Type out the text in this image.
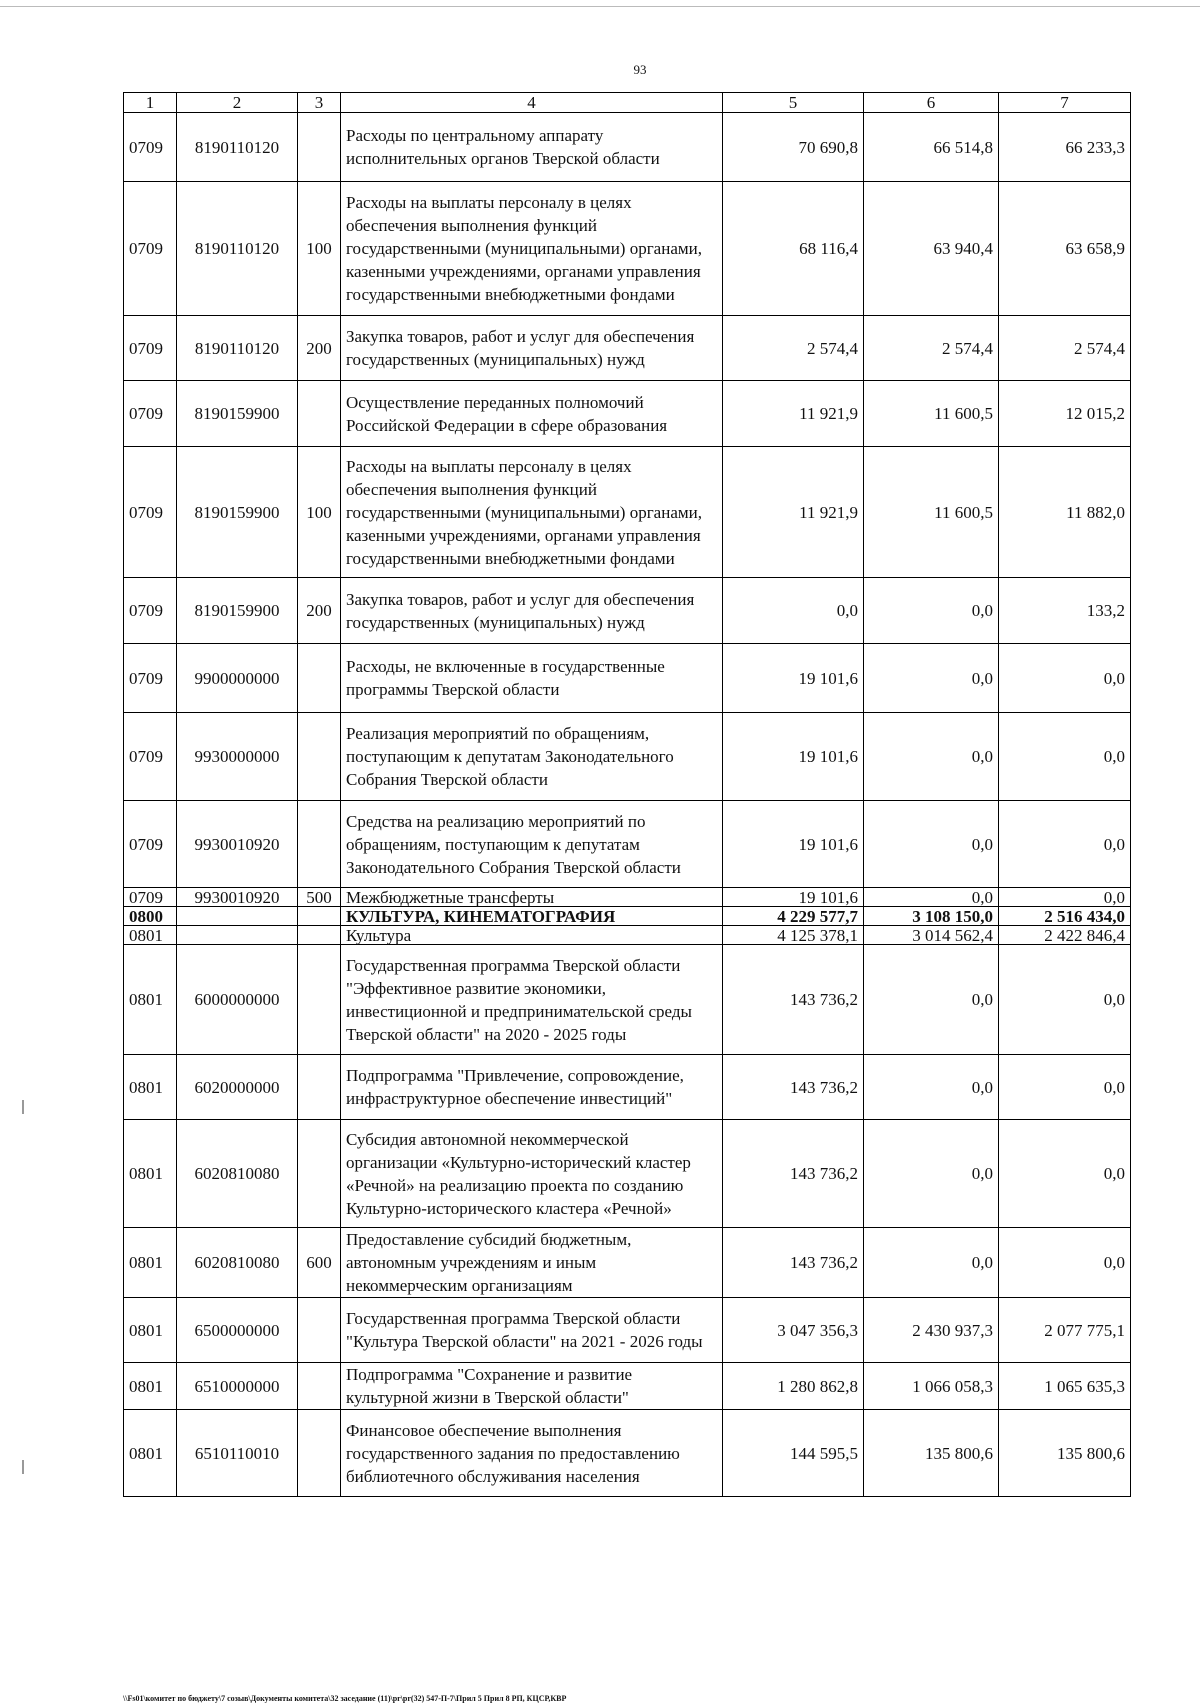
93
1	2	3	4	5	6	7
0709	8190110120		Расходы по центральному аппарату исполнительных органов Тверской области	70 690,8	66 514,8	66 233,3
0709	8190110120	100	Расходы на выплаты персоналу в целях обеспечения выполнения функций государственными (муниципальными) органами, казенными учреждениями, органами управления государственными внебюджетными фондами	68 116,4	63 940,4	63 658,9
0709	8190110120	200	Закупка товаров, работ и услуг для обеспечения государственных (муниципальных) нужд	2 574,4	2 574,4	2 574,4
0709	8190159900		Осуществление переданных полномочий Российской Федерации в сфере образования	11 921,9	11 600,5	12 015,2
0709	8190159900	100	Расходы на выплаты персоналу в целях обеспечения выполнения функций государственными (муниципальными) органами, казенными учреждениями, органами управления государственными внебюджетными фондами	11 921,9	11 600,5	11 882,0
0709	8190159900	200	Закупка товаров, работ и услуг для обеспечения государственных (муниципальных) нужд	0,0	0,0	133,2
0709	9900000000		Расходы, не включенные в государственные программы Тверской области	19 101,6	0,0	0,0
0709	9930000000		Реализация мероприятий по обращениям, поступающим к депутатам Законодательного Собрания Тверской области	19 101,6	0,0	0,0
0709	9930010920		Средства на реализацию мероприятий по обращениям, поступающим к депутатам Законодательного Собрания Тверской области	19 101,6	0,0	0,0
0709	9930010920	500	Межбюджетные трансферты	19 101,6	0,0	0,0
0800			КУЛЬТУРА, КИНЕМАТОГРАФИЯ	4 229 577,7	3 108 150,0	2 516 434,0
0801			Культура	4 125 378,1	3 014 562,4	2 422 846,4
0801	6000000000		Государственная программа Тверской области "Эффективное развитие экономики, инвестиционной и предпринимательской среды Тверской области" на 2020 - 2025 годы	143 736,2	0,0	0,0
0801	6020000000		Подпрограмма "Привлечение, сопровождение, инфраструктурное обеспечение инвестиций"	143 736,2	0,0	0,0
0801	6020810080		Субсидия автономной некоммерческой организации «Культурно-исторический кластер «Речной» на реализацию проекта по созданию Культурно-исторического кластера «Речной»	143 736,2	0,0	0,0
0801	6020810080	600	Предоставление субсидий бюджетным, автономным учреждениям и иным некоммерческим организациям	143 736,2	0,0	0,0
0801	6500000000		Государственная программа Тверской области "Культура Тверской области" на 2021 - 2026 годы	3 047 356,3	2 430 937,3	2 077 775,1
0801	6510000000		Подпрограмма "Сохранение и развитие культурной жизни в Тверской области"	1 280 862,8	1 066 058,3	1 065 635,3
0801	6510110010		Финансовое обеспечение выполнения государственного задания по предоставлению библиотечного обслуживания населения	144 595,5	135 800,6	135 800,6
\\Fs01\комитет по бюджету\7 созыв\Документы комитета\32 заседание (11)\pr\pr(32) 547-П-7\Прил 5 Прил 8 РП, КЦСР,КВР
